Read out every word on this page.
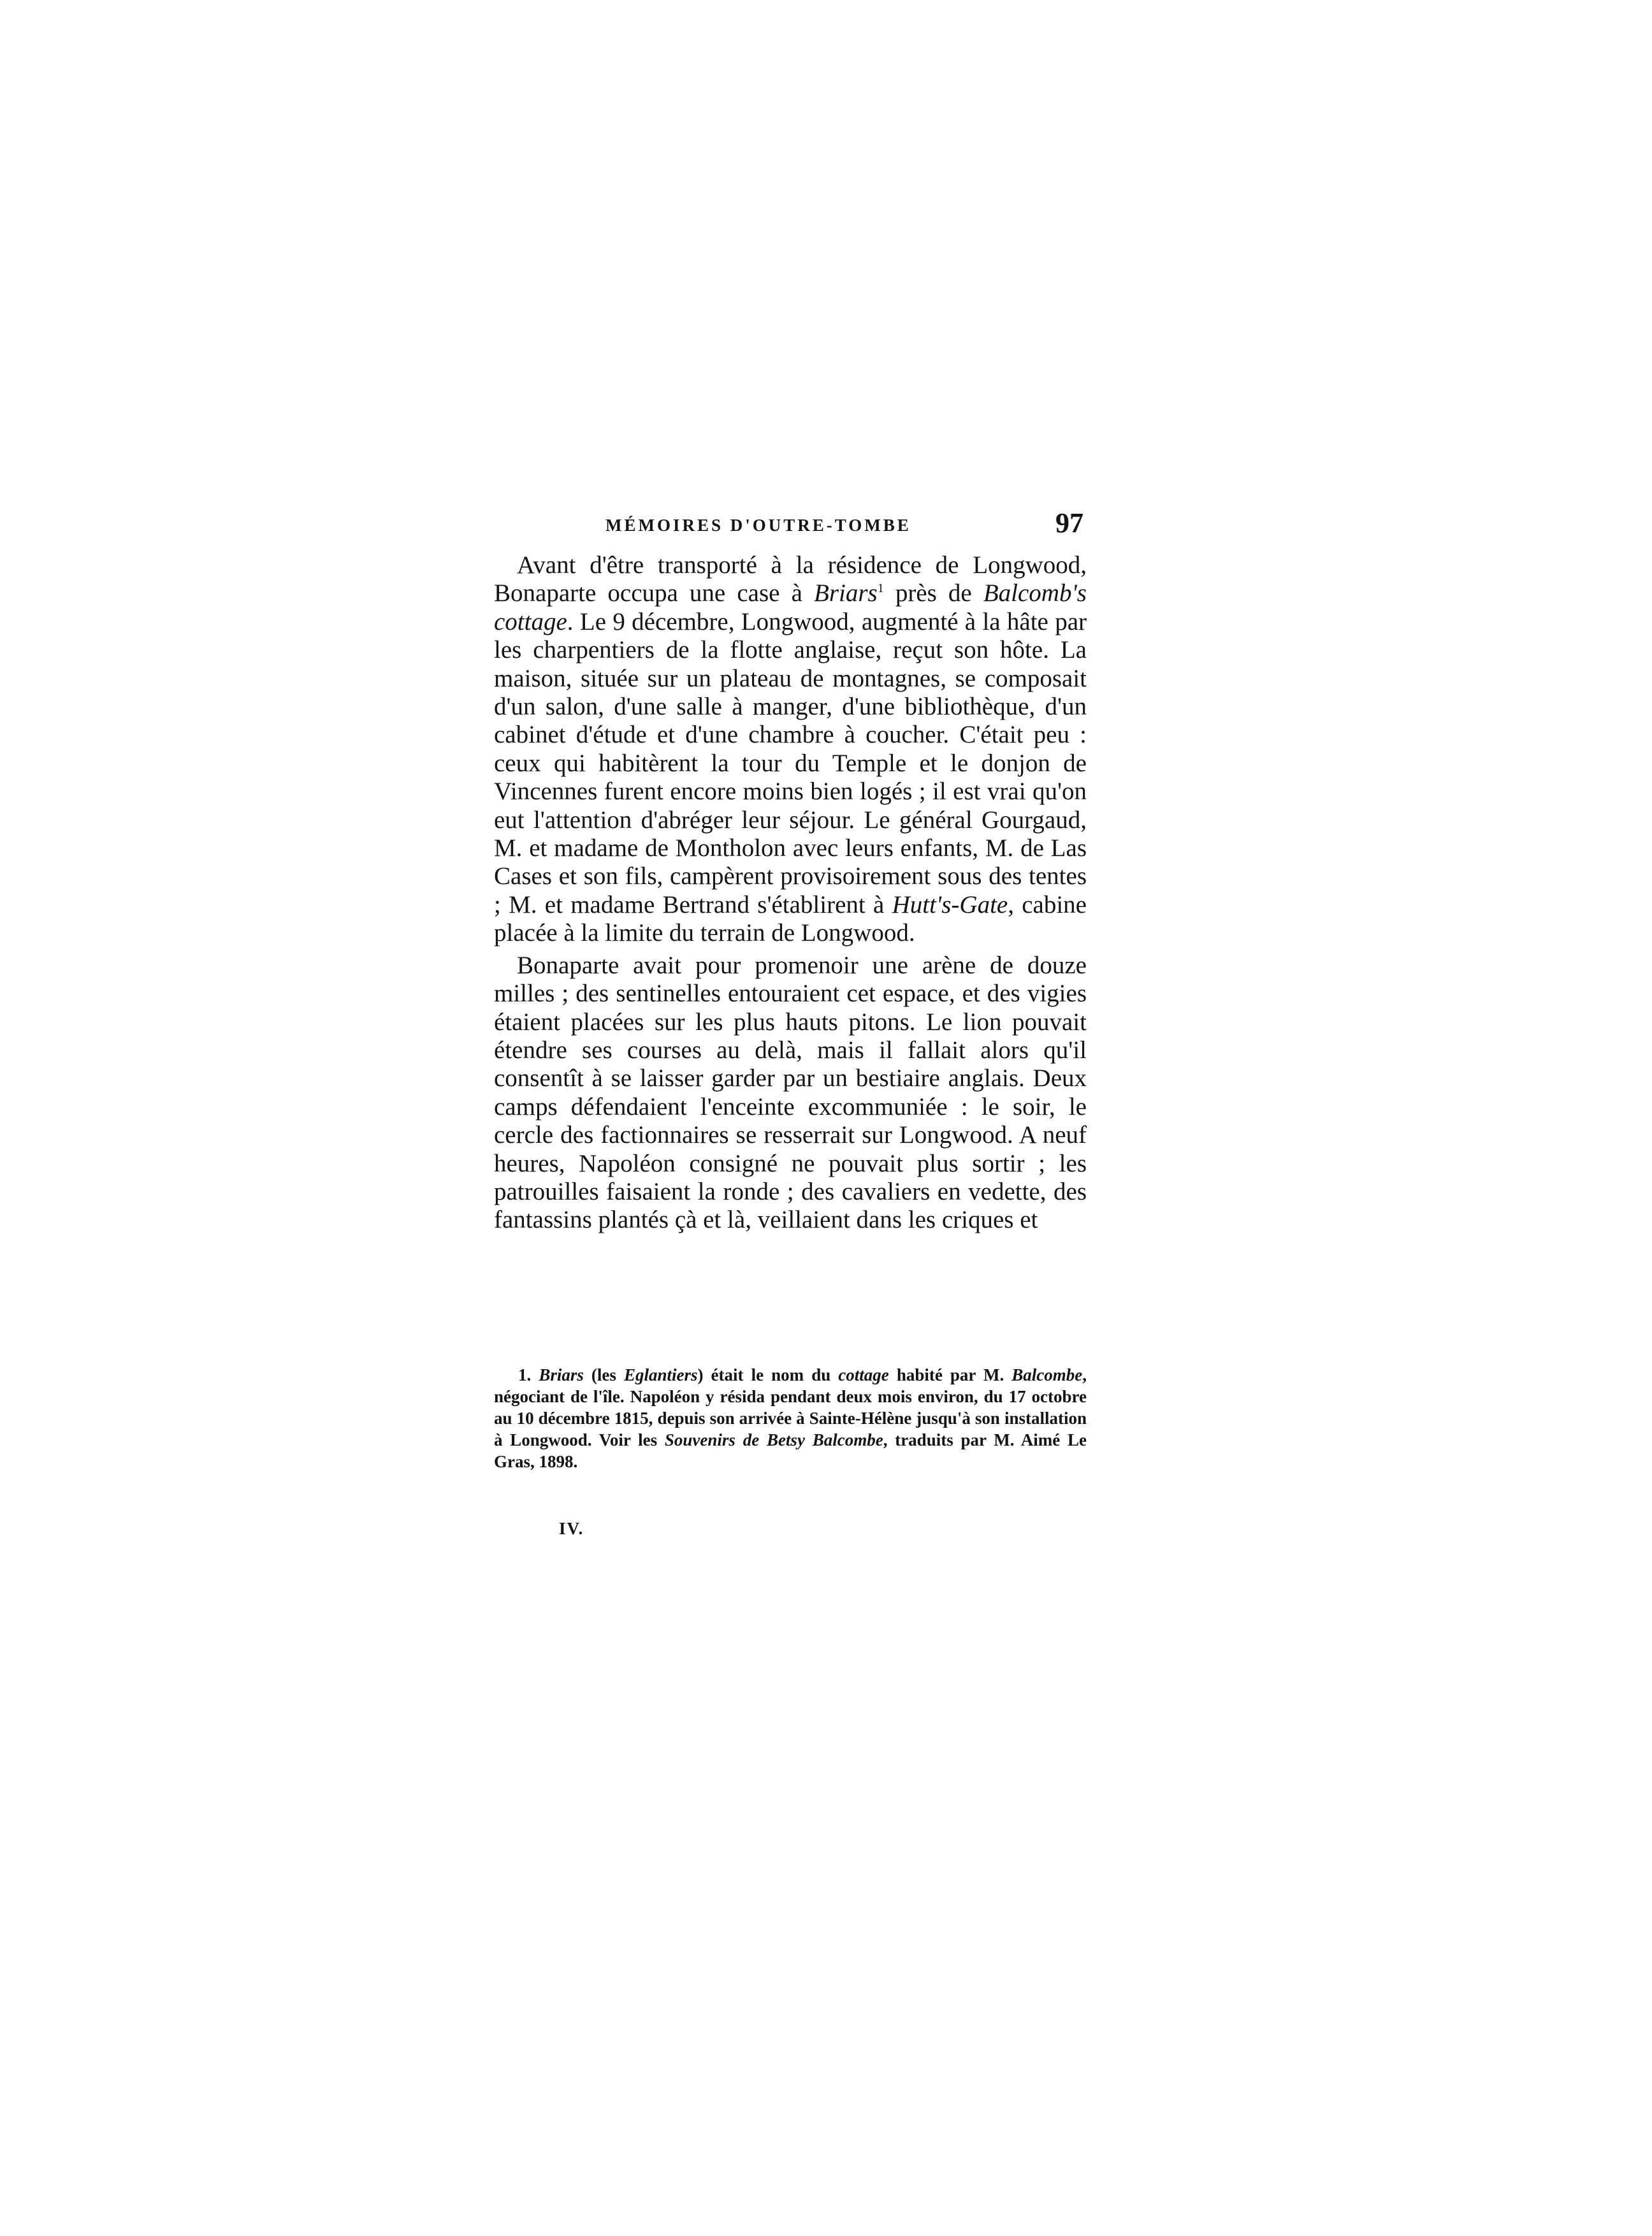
MÉMOIRES D'OUTRE-TOMBE	97

Avant d'être transporté à la résidence de Longwood, Bonaparte occupa une case à Briars$^1$ près de Balcomb's cottage. Le 9 décembre, Longwood, augmenté à la hâte par les charpentiers de la flotte anglaise, reçut son hôte. La maison, située sur un plateau de montagnes, se composait d'un salon, d'une salle à manger, d'une bibliothèque, d'un cabinet d'étude et d'une chambre à coucher. C'était peu : ceux qui habitèrent la tour du Temple et le donjon de Vincennes furent encore moins bien logés ; il est vrai qu'on eut l'attention d'abréger leur séjour. Le général Gourgaud, M. et madame de Montholon avec leurs enfants, M. de Las Cases et son fils, campèrent provisoirement sous des tentes ; M. et madame Bertrand s'établirent à Hutt's-Gate, cabine placée à la limite du terrain de Longwood.

Bonaparte avait pour promenoir une arène de douze milles ; des sentinelles entouraient cet espace, et des vigies étaient placées sur les plus hauts pitons. Le lion pouvait étendre ses courses au delà, mais il fallait alors qu'il consentît à se laisser garder par un bestiaire anglais. Deux camps défendaient l'enceinte excommuniée : le soir, le cercle des factionnaires se resserrait sur Longwood. A neuf heures, Napoléon consigné ne pouvait plus sortir ; les patrouilles faisaient la ronde ; des cavaliers en vedette, des fantassins plantés çà et là, veillaient dans les criques et

1. Briars (les Eglantiers) était le nom du cottage habité par M. Balcombe, négociant de l'île. Napoléon y résida pendant deux mois environ, du 17 octobre au 10 décembre 1815, depuis son arrivée à Sainte-Hélène jusqu'à son installation à Longwood. Voir les Souvenirs de Betsy Balcombe, traduits par M. Aimé Le Gras, 1898.
IV.
